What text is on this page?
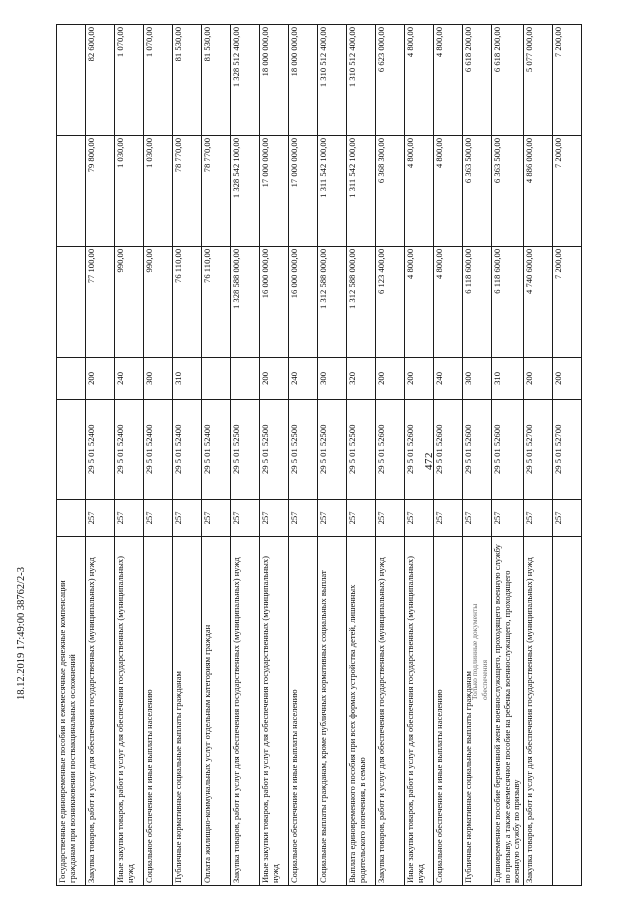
472
18.12.2019 17:49:00 38762/2-3	Только подлинные документы обеспечения
Государственные единовременные пособия и ежемесячные денежные компенсации гражданам при возникновении поствакцинальных осложнений						
Закупка товаров, работ и услуг для обеспечения государственных (муниципальных) нужд	257	29 5 01 52400	200	77 100,00	79 800,00	82 600,00
Иные закупки товаров, работ и услуг для обеспечения государственных (муниципальных) нужд	257	29 5 01 52400	240	990,00	1 030,00	1 070,00
Социальное обеспечение и иные выплаты населению	257	29 5 01 52400	300	990,00	1 030,00	1 070,00
Публичные нормативные социальные выплаты гражданам	257	29 5 01 52400	310	76 110,00	78 770,00	81 530,00
Оплата жилищно-коммунальных услуг отдельным категориям граждан	257	29 5 01 52400		76 110,00	78 770,00	81 530,00
Закупка товаров, работ и услуг для обеспечения государственных (муниципальных) нужд	257	29 5 01 52500		1 328 588 000,00	1 328 542 100,00	1 328 512 400,00
Иные закупки товаров, работ и услуг для обеспечения государственных (муниципальных) нужд	257	29 5 01 52500	200	16 000 000,00	17 000 000,00	18 000 000,00
Социальное обеспечение и иные выплаты населению	257	29 5 01 52500	240	16 000 000,00	17 000 000,00	18 000 000,00
Социальные выплаты гражданам, кроме публичных нормативных социальных выплат	257	29 5 01 52500	300	1 312 588 000,00	1 311 542 100,00	1 310 512 400,00
Выплата единовременного пособия при всех формах устройства детей, лишенных родительского попечения, в семью	257	29 5 01 52500	320	1 312 588 000,00	1 311 542 100,00	1 310 512 400,00
Закупка товаров, работ и услуг для обеспечения государственных (муниципальных) нужд	257	29 5 01 52600	200	6 123 400,00	6 368 300,00	6 623 000,00
Иные закупки товаров, работ и услуг для обеспечения государственных (муниципальных) нужд	257	29 5 01 52600	200	4 800,00	4 800,00	4 800,00
Социальное обеспечение и иные выплаты населению	257	29 5 01 52600	240	4 800,00	4 800,00	4 800,00
Публичные нормативные социальные выплаты гражданам	257	29 5 01 52600	300	6 118 600,00	6 363 500,00	6 618 200,00
Единовременное пособие беременной жене военнослужащего, проходящего военную службу по призыву, а также ежемесячное пособие на ребенка военнослужащего, проходящего военную службу по призыву	257	29 5 01 52600	310	6 118 600,00	6 363 500,00	6 618 200,00
Закупка товаров, работ и услуг для обеспечения государственных (муниципальных) нужд	257	29 5 01 52700	200	4 740 600,00	4 886 000,00	5 077 000,00
	257	29 5 01 52700	200	7 200,00	7 200,00	7 200,00
